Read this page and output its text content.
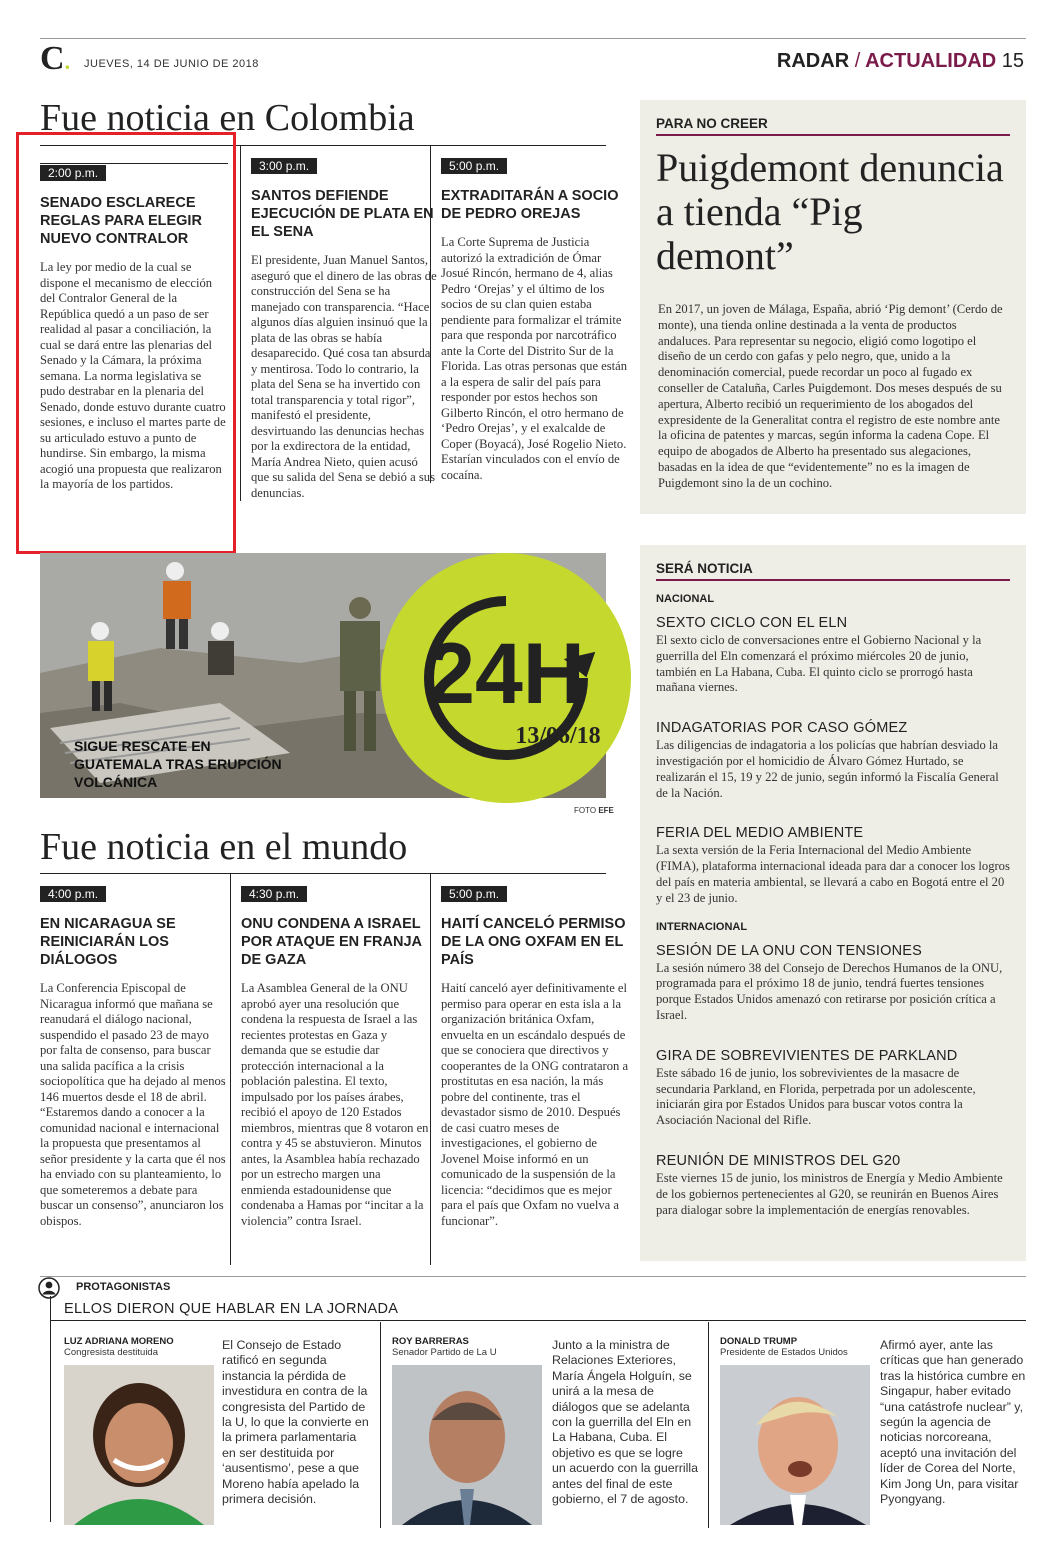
C. JUEVES, 14 DE JUNIO DE 2018	RADAR / ACTUALIDAD 15
Fue noticia en Colombia
2:00 p.m.
SENADO ESCLARECE REGLAS PARA ELEGIR NUEVO CONTRALOR
La ley por medio de la cual se dispone el mecanismo de elección del Contralor General de la República quedó a un paso de ser realidad al pasar a conciliación, la cual se dará entre las plenarias del Senado y la Cámara, la próxima semana. La norma legislativa se pudo destrabar en la plenaria del Senado, donde estuvo durante cuatro sesiones, e incluso el martes parte de su articulado estuvo a punto de hundirse. Sin embargo, la misma acogió una propuesta que realizaron la mayoría de los partidos.
3:00 p.m.
SANTOS DEFIENDE EJECUCIÓN DE PLATA EN EL SENA
El presidente, Juan Manuel Santos, aseguró que el dinero de las obras de construcción del Sena se ha manejado con transparencia. “Hace algunos días alguien insinuó que la plata de las obras se había desaparecido. Qué cosa tan absurda y mentirosa. Todo lo contrario, la plata del Sena se ha invertido con total transparencia y total rigor”, manifestó el presidente, desvirtuando las denuncias hechas por la exdirectora de la entidad, María Andrea Nieto, quien acusó que su salida del Sena se debió a sus denuncias.
5:00 p.m.
EXTRADITARÁN A SOCIO DE PEDRO OREJAS
La Corte Suprema de Justicia autorizó la extradición de Ómar Josué Rincón, hermano de 4, alias Pedro ‘Orejas’ y el último de los socios de su clan quien estaba pendiente para formalizar el trámite para que responda por narcotráfico ante la Corte del Distrito Sur de la Florida. Las otras personas que están a la espera de salir del país para responder por estos hechos son Gilberto Rincón, el otro hermano de ‘Pedro Orejas’, y el exalcalde de Coper (Boyacá), José Rogelio Nieto. Estarían vinculados con el envío de cocaína.
PARA NO CREER
Puigdemont denuncia a tienda “Pig demont”
En 2017, un joven de Málaga, España, abrió ‘Pig demont’ (Cerdo de monte), una tienda online destinada a la venta de productos andaluces. Para representar su negocio, eligió como logotipo el diseño de un cerdo con gafas y pelo negro, que, unido a la denominación comercial, puede recordar un poco al fugado ex conseller de Cataluña, Carles Puigdemont. Dos meses después de su apertura, Alberto recibió un requerimiento de los abogados del expresidente de la Generalitat contra el registro de este nombre ante la oficina de patentes y marcas, según informa la cadena Cope. El equipo de abogados de Alberto ha presentado sus alegaciones, basadas en la idea de que “evidentemente” no es la imagen de Puigdemont sino la de un cochino.
24H
13/06/18
SIGUE RESCATE EN GUATEMALA TRAS ERUPCIÓN VOLCÁNICA
FOTO EFE
Fue noticia en el mundo
4:00 p.m.
EN NICARAGUA SE REINICIARÁN LOS DIÁLOGOS
La Conferencia Episcopal de Nicaragua informó que mañana se reanudará el diálogo nacional, suspendido el pasado 23 de mayo por falta de consenso, para buscar una salida pacífica a la crisis sociopolítica que ha dejado al menos 146 muertos desde el 18 de abril. “Estaremos dando a conocer a la comunidad nacional e internacional la propuesta que presentamos al señor presidente y la carta que él nos ha enviado con su planteamiento, lo que someteremos a debate para buscar un consenso”, anunciaron los obispos.
4:30 p.m.
ONU CONDENA A ISRAEL POR ATAQUE EN FRANJA DE GAZA
La Asamblea General de la ONU aprobó ayer una resolución que condena la respuesta de Israel a las recientes protestas en Gaza y demanda que se estudie dar protección internacional a la población palestina. El texto, impulsado por los países árabes, recibió el apoyo de 120 Estados miembros, mientras que 8 votaron en contra y 45 se abstuvieron. Minutos antes, la Asamblea había rechazado por un estrecho margen una enmienda estadounidense que condenaba a Hamas por “incitar a la violencia” contra Israel.
5:00 p.m.
HAITÍ CANCELÓ PERMISO DE LA ONG OXFAM EN EL PAÍS
Haití canceló ayer definitivamente el permiso para operar en esta isla a la organización británica Oxfam, envuelta en un escándalo después de que se conociera que directivos y cooperantes de la ONG contrataron a prostitutas en esa nación, la más pobre del continente, tras el devastador sismo de 2010. Después de casi cuatro meses de investigaciones, el gobierno de Jovenel Moise informó en un comunicado de la suspensión de la licencia: “decidimos que es mejor para el país que Oxfam no vuelva a funcionar”.
SERÁ NOTICIA
NACIONAL
SEXTO CICLO CON EL ELN
El sexto ciclo de conversaciones entre el Gobierno Nacional y la guerrilla del Eln comenzará el próximo miércoles 20 de junio, también en La Habana, Cuba. El quinto ciclo se prorrogó hasta mañana viernes.
INDAGATORIAS POR CASO GÓMEZ
Las diligencias de indagatoria a los policías que habrían desviado la investigación por el homicidio de Álvaro Gómez Hurtado, se realizarán el 15, 19 y 22 de junio, según informó la Fiscalía General de la Nación.
FERIA DEL MEDIO AMBIENTE
La sexta versión de la Feria Internacional del Medio Ambiente (FIMA), plataforma internacional ideada para dar a conocer los logros del país en materia ambiental, se llevará a cabo en Bogotá entre el 20 y el 23 de junio.
INTERNACIONAL
SESIÓN DE LA ONU CON TENSIONES
La sesión número 38 del Consejo de Derechos Humanos de la ONU, programada para el próximo 18 de junio, tendrá fuertes tensiones porque Estados Unidos amenazó con retirarse por posición crítica a Israel.
GIRA DE SOBREVIVIENTES DE PARKLAND
Este sábado 16 de junio, los sobrevivientes de la masacre de secundaria Parkland, en Florida, perpetrada por un adolescente, iniciarán gira por Estados Unidos para buscar votos contra la Asociación Nacional del Rifle.
REUNIÓN DE MINISTROS DEL G20
Este viernes 15 de junio, los ministros de Energía y Medio Ambiente de los gobiernos pertenecientes al G20, se reunirán en Buenos Aires para dialogar sobre la implementación de energías renovables.
PROTAGONISTAS
ELLOS DIERON QUE HABLAR EN LA JORNADA
LUZ ADRIANA MORENO
Congresista destituida
El Consejo de Estado ratificó en segunda instancia la pérdida de investidura en contra de la congresista del Partido de la U, lo que la convierte en la primera parlamentaria en ser destituida por ‘ausentismo’, pese a que Moreno había apelado la primera decisión.
ROY BARRERAS
Senador Partido de La U
Junto a la ministra de Relaciones Exteriores, María Ángela Holguín, se unirá a la mesa de diálogos que se adelanta con la guerrilla del Eln en La Habana, Cuba. El objetivo es que se logre un acuerdo con la guerrilla antes del final de este gobierno, el 7 de agosto.
DONALD TRUMP
Presidente de Estados Unidos
Afirmó ayer, ante las críticas que han generado tras la histórica cumbre en Singapur, haber evitado “una catástrofe nuclear” y, según la agencia de noticias norcoreana, aceptó una invitación del líder de Corea del Norte, Kim Jong Un, para visitar Pyongyang.
